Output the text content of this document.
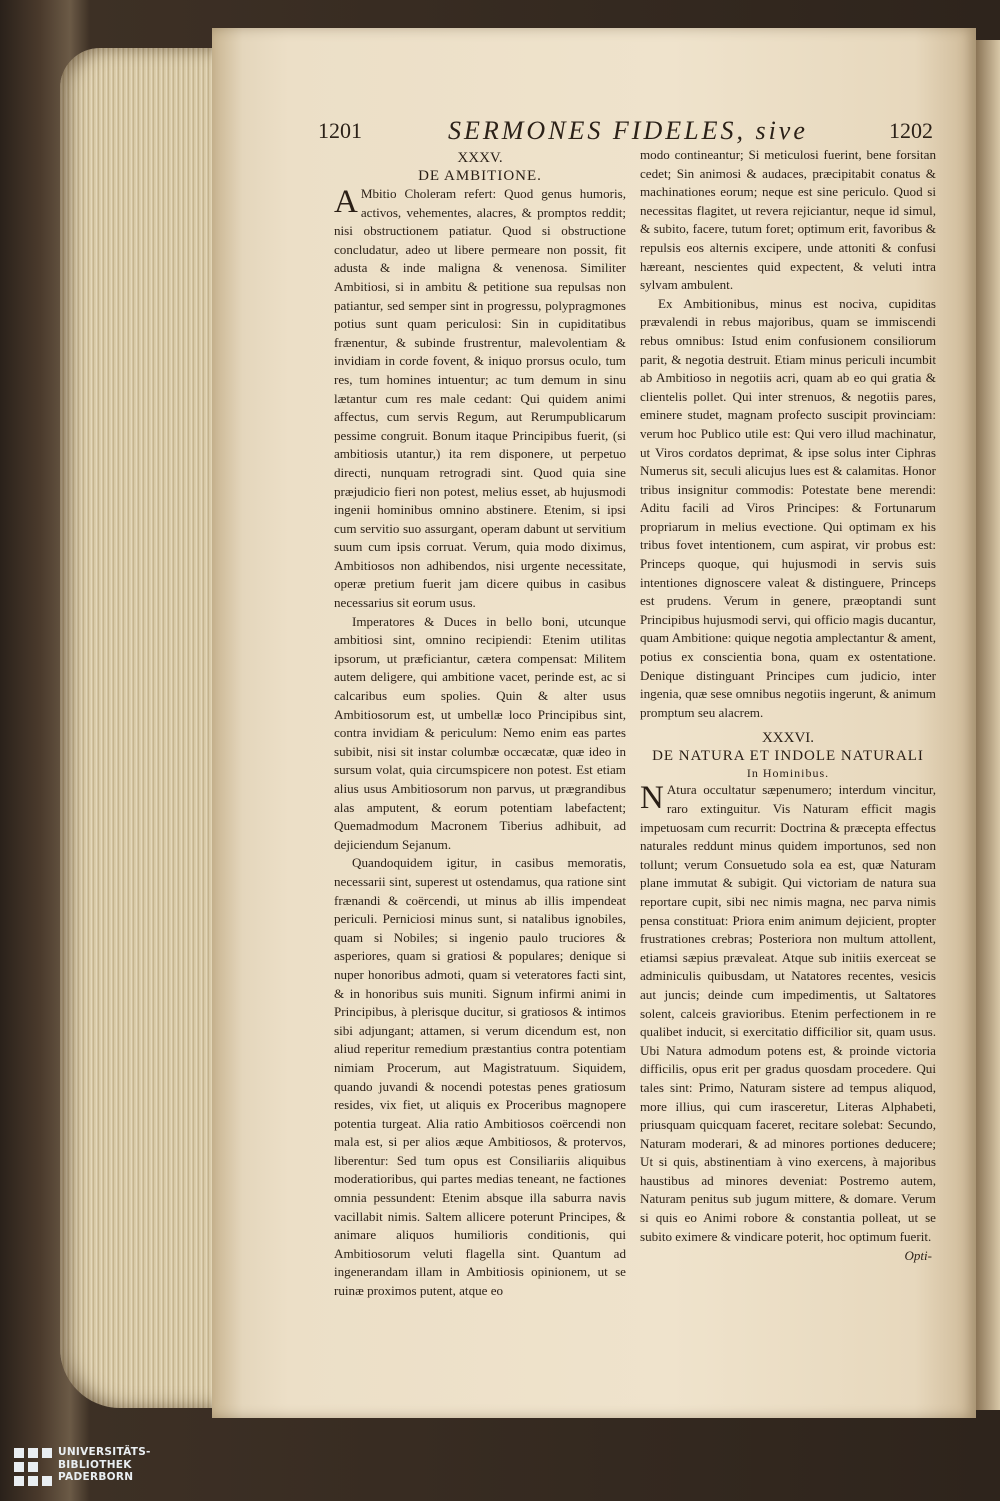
1201	SERMONES FIDELES, sive	1202

XXXV.

DE AMBITIONE.

A Mbitio Choleram refert: Quod genus humoris, activos, vehementes, alacres, & promptos reddit; nisi obstructionem patiatur. Quod si obstructione concludatur, adeo ut libere permeare non possit, fit adusta & inde maligna & venenosa. Similiter Ambitiosi, si in ambitu & petitione sua repulsas non patiantur, sed semper sint in progressu, polypragmones potius sunt quam periculosi: Sin in cupiditatibus frænentur, & subinde frustrentur, malevolentiam & invidiam in corde fovent, & iniquo prorsus oculo, tum res, tum homines intuentur; ac tum demum in sinu lætantur cum res male cedant: Qui quidem animi affectus, cum servis Regum, aut Rerumpublicarum pessime congruit. Bonum itaque Principibus fuerit, (si ambitiosis utantur,) ita rem disponere, ut perpetuo directi, nunquam retrogradi sint. Quod quia sine præjudicio fieri non potest, melius esset, ab hujusmodi ingenii hominibus omnino abstinere. Etenim, si ipsi cum servitio suo assurgant, operam dabunt ut servitium suum cum ipsis corruat. Verum, quia modo diximus, Ambitiosos non adhibendos, nisi urgente necessitate, operæ pretium fuerit jam dicere quibus in casibus necessarius sit eorum usus.

Imperatores & Duces in bello boni, utcunque ambitiosi sint, omnino recipiendi: Etenim utilitas ipsorum, ut præficiantur, cætera compensat: Militem autem deligere, qui ambitione vacet, perinde est, ac si calcaribus eum spolies. Quin & alter usus Ambitiosorum est, ut umbellæ loco Principibus sint, contra invidiam & periculum: Nemo enim eas partes subibit, nisi sit instar columbæ occæcatæ, quæ ideo in sursum volat, quia circumspicere non potest. Est etiam alius usus Ambitiosorum non parvus, ut prægrandibus alas amputent, & eorum potentiam labefactent; Quemadmodum Macronem Tiberius adhibuit, ad dejiciendum Sejanum.

Quandoquidem igitur, in casibus memoratis, necessarii sint, superest ut ostendamus, qua ratione sint frænandi & coërcendi, ut minus ab illis impendeat periculi. Perniciosi minus sunt, si natalibus ignobiles, quam si Nobiles; si ingenio paulo truciores & asperiores, quam si gratiosi & populares; denique si nuper honoribus admoti, quam si veteratores facti sint, & in honoribus suis muniti. Signum infirmi animi in Principibus, à plerisque ducitur, si gratiosos & intimos sibi adjungant; attamen, si verum dicendum est, non aliud reperitur remedium præstantius contra potentiam nimiam Procerum, aut Magistratuum. Siquidem, quando juvandi & nocendi potestas penes gratiosum resides, vix fiet, ut aliquis ex Proceribus magnopere potentia turgeat. Alia ratio Ambitiosos coërcendi non mala est, si per alios æque Ambitiosos, & protervos, liberentur: Sed tum opus est Consiliariis aliquibus moderatioribus, qui partes medias teneant, ne factiones omnia pessundent: Etenim absque illa saburra navis vacillabit nimis. Saltem allicere poterunt Principes, & animare aliquos humilioris conditionis, qui Ambitiosorum veluti flagella sint. Quantum ad ingenerandam illam in Ambitiosis opinionem, ut se ruinæ proximos putent, atque eo

modo contineantur; Si meticulosi fuerint, bene forsitan cedet; Sin animosi & audaces, præcipitabit conatus & machinationes eorum; neque est sine periculo. Quod si necessitas flagitet, ut revera rejiciantur, neque id simul, & subito, facere, tutum foret; optimum erit, favoribus & repulsis eos alternis excipere, unde attoniti & confusi hæreant, nescientes quid expectent, & veluti intra sylvam ambulent.

Ex Ambitionibus, minus est nociva, cupiditas prævalendi in rebus majoribus, quam se immiscendi rebus omnibus: Istud enim confusionem consiliorum parit, & negotia destruit. Etiam minus periculi incumbit ab Ambitioso in negotiis acri, quam ab eo qui gratia & clientelis pollet. Qui inter strenuos, & negotiis pares, eminere studet, magnam profecto suscipit provinciam: verum hoc Publico utile est: Qui vero illud machinatur, ut Viros cordatos deprimat, & ipse solus inter Ciphras Numerus sit, seculi alicujus lues est & calamitas. Honor tribus insignitur commodis: Potestate bene merendi: Aditu facili ad Viros Principes: & Fortunarum propriarum in melius evectione. Qui optimam ex his tribus fovet intentionem, cum aspirat, vir probus est: Princeps quoque, qui hujusmodi in servis suis intentiones dignoscere valeat & distinguere, Princeps est prudens. Verum in genere, præoptandi sunt Principibus hujusmodi servi, qui officio magis ducantur, quam Ambitione: quique negotia amplectantur & ament, potius ex conscientia bona, quam ex ostentatione. Denique distinguant Principes cum judicio, inter ingenia, quæ sese omnibus negotiis ingerunt, & animum promptum seu alacrem.

XXXVI.

DE NATURA ET INDOLE NATURALI

In Hominibus.

N Atura occultatur sæpenumero; interdum vincitur, raro extinguitur. Vis Naturam efficit magis impetuosam cum recurrit: Doctrina & præcepta effectus naturales reddunt minus quidem importunos, sed non tollunt; verum Consuetudo sola ea est, quæ Naturam plane immutat & subigit. Qui victoriam de natura sua reportare cupit, sibi nec nimis magna, nec parva nimis pensa constituat: Priora enim animum dejicient, propter frustrationes crebras; Posteriora non multum attollent, etiamsi sæpius prævaleat. Atque sub initiis exerceat se adminiculis quibusdam, ut Natatores recentes, vesicis aut juncis; deinde cum impedimentis, ut Saltatores solent, calceis gravioribus. Etenim perfectionem in re qualibet inducit, si exercitatio difficilior sit, quam usus. Ubi Natura admodum potens est, & proinde victoria difficilis, opus erit per gradus quosdam procedere. Qui tales sint: Primo, Naturam sistere ad tempus aliquod, more illius, qui cum irasceretur, Literas Alphabeti, priusquam quicquam faceret, recitare solebat: Secundo, Naturam moderari, & ad minores portiones deducere; Ut si quis, abstinentiam à vino exercens, à majoribus haustibus ad minores deveniat: Postremo autem, Naturam penitus sub jugum mittere, & domare. Verum si quis eo Animi robore & constantia polleat, ut se subito eximere & vindicare poterit, hoc optimum fuerit.

Opti-
UNIVERSITÄTS-
BIBLIOTHEK
PADERBORN
